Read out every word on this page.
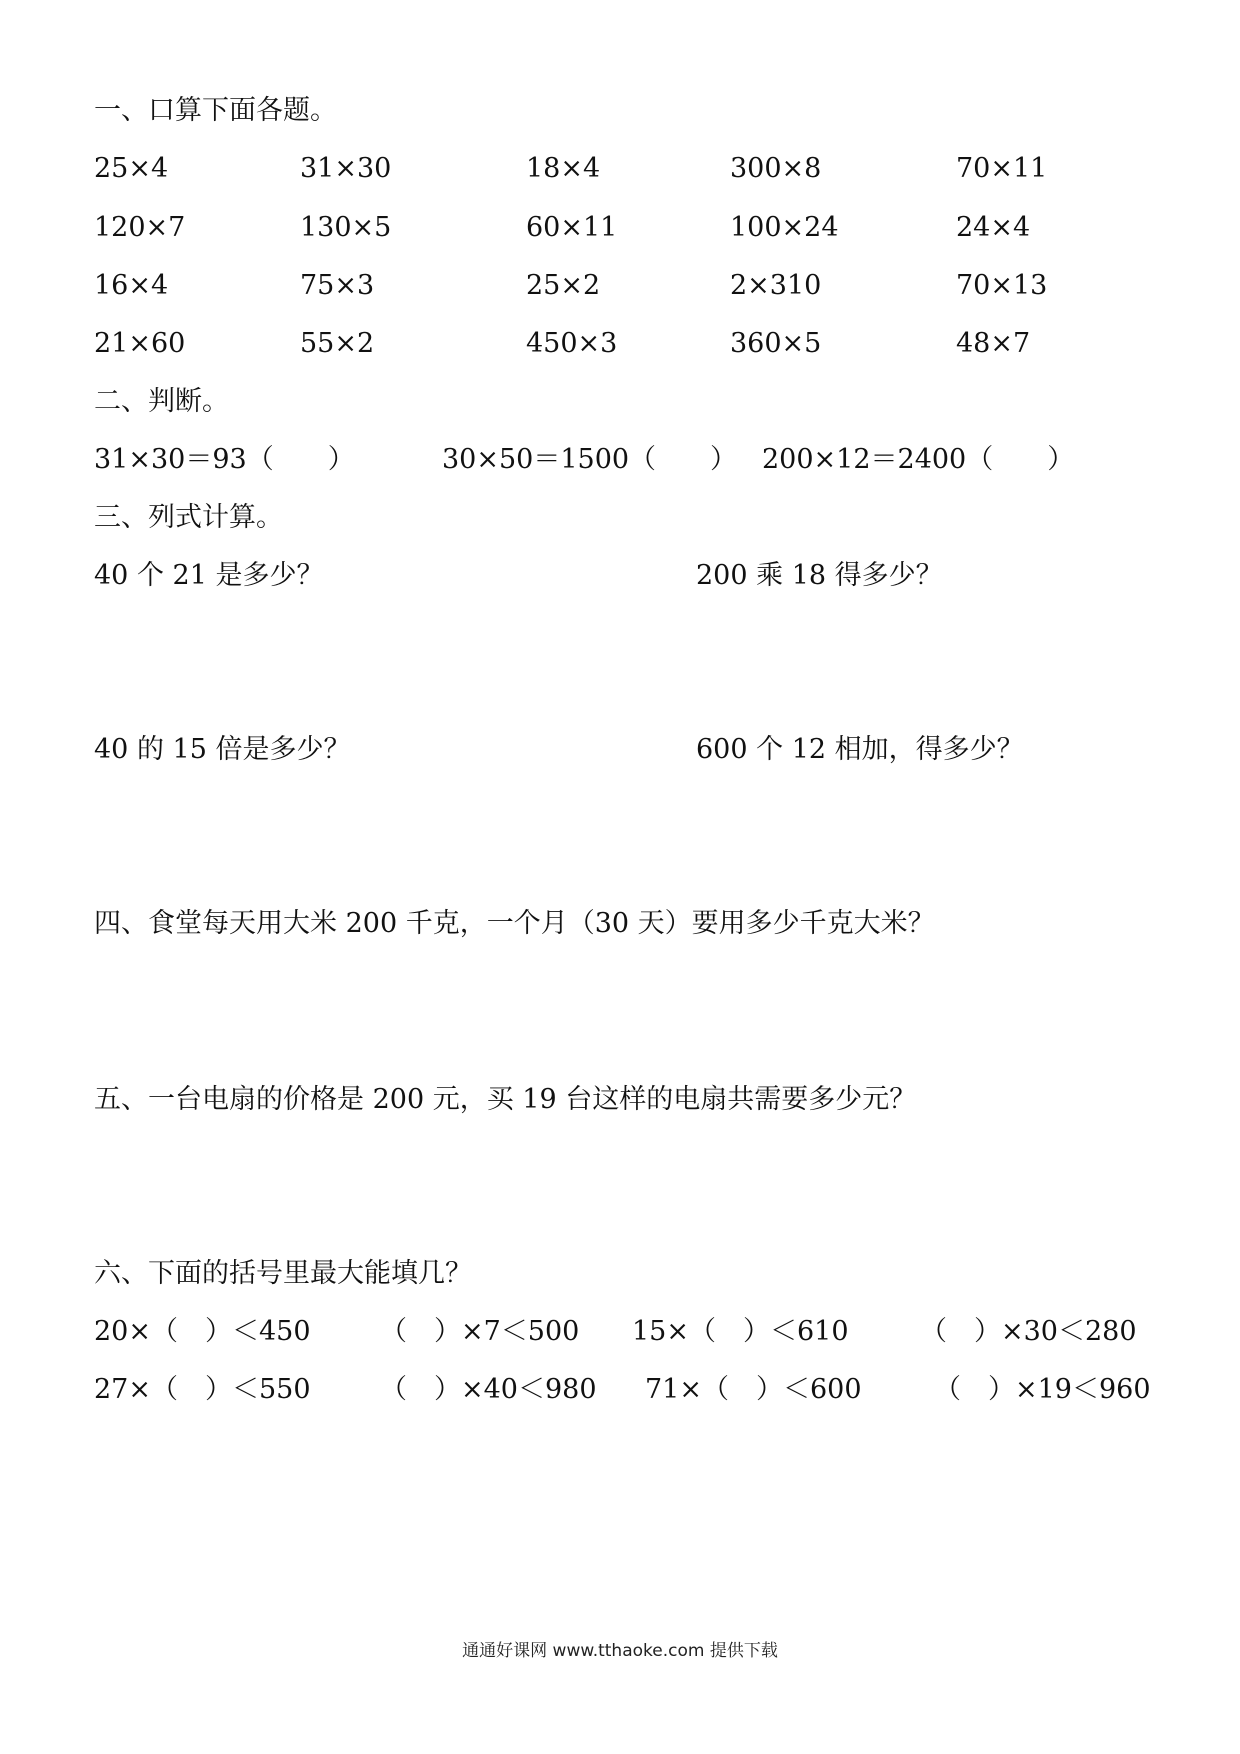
一、口算下面各题。
25×4	31×30	18×4	300×8	70×11
120×7	130×5	60×11	100×24	24×4
16×4	75×3	25×2	2×310	70×13
21×60	55×2	450×3	360×5	48×7
二、判断。
31×30＝93（　　）	30×50＝1500（　　） 200×12＝2400（　　）
三、列式计算。
40 个 21 是多少？	200 乘 18 得多少？
40 的 15 倍是多少？	600 个 12 相加，得多少？
四、食堂每天用大米 200 千克，一个月（30 天）要用多少千克大米？
五、一台电扇的价格是 200 元，买 19 台这样的电扇共需要多少元？
六、下面的括号里最大能填几？
20×（　）＜450	（　）×7＜500 15×（　）＜610	（　）×30＜280
27×（　）＜550	（　）×40＜980 71×（　）＜600	（　）×19＜960
通通好课网 www.tthaoke.com 提供下载
